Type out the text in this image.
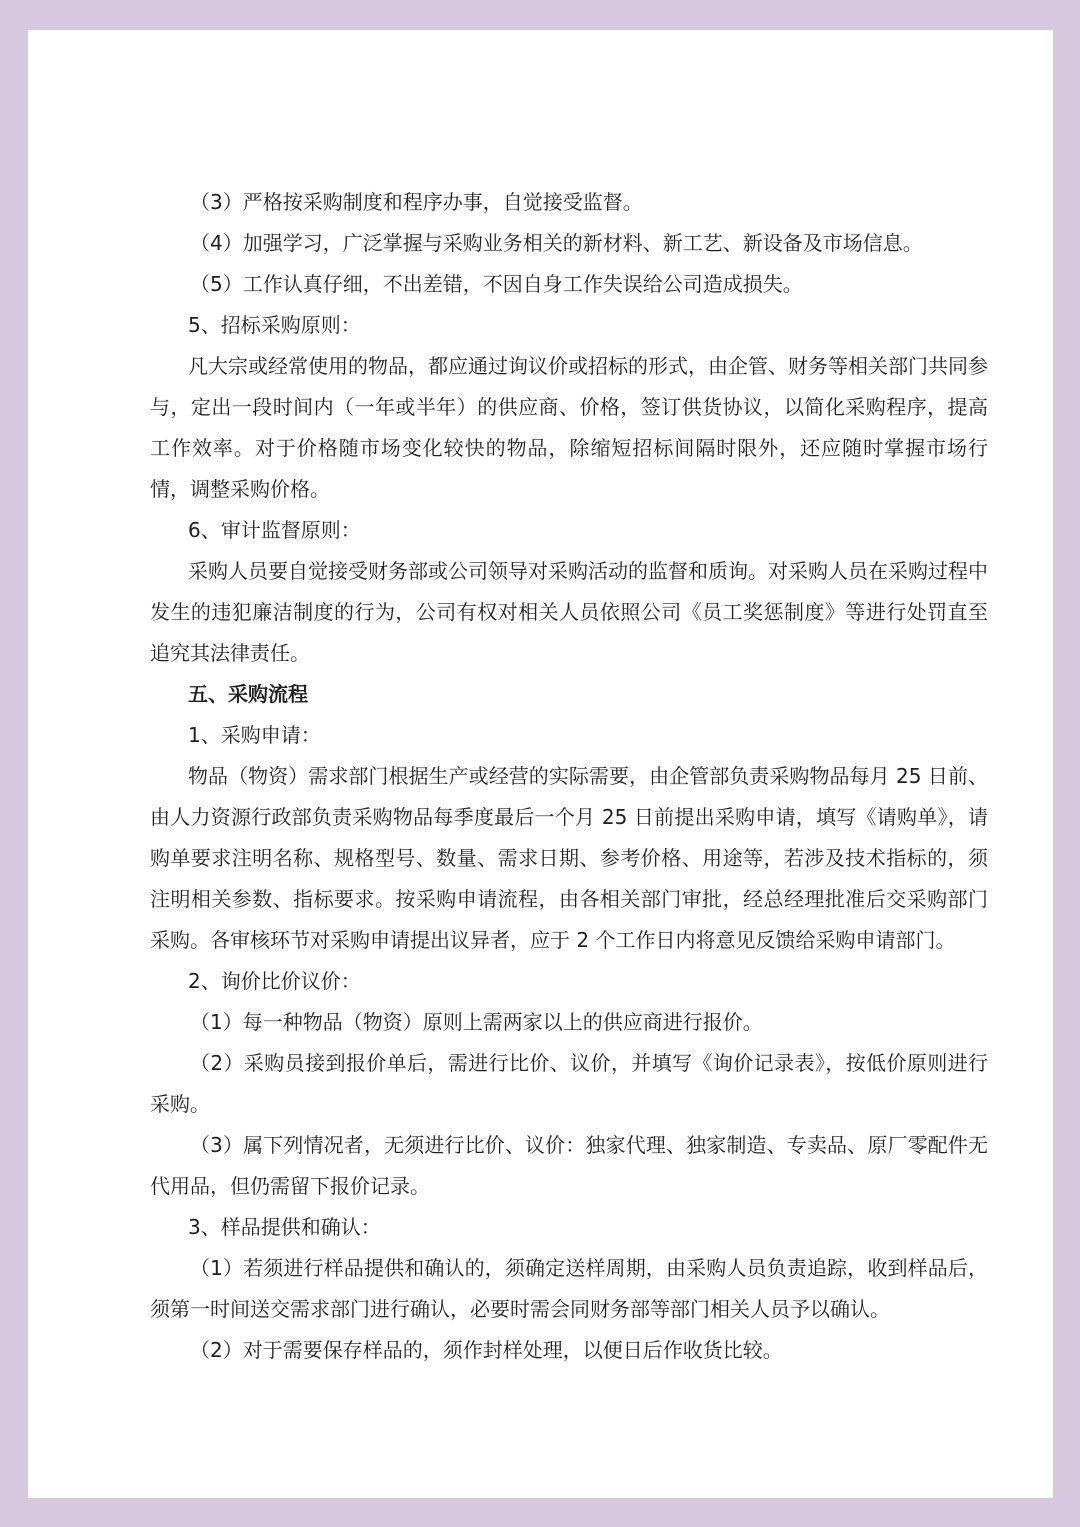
（3）严格按采购制度和程序办事，自觉接受监督。

（4）加强学习，广泛掌握与采购业务相关的新材料、新工艺、新设备及市场信息。

（5）工作认真仔细，不出差错，不因自身工作失误给公司造成损失。

5、招标采购原则：

凡大宗或经常使用的物品，都应通过询议价或招标的形式，由企管、财务等相关部门共同参与，定出一段时间内（一年或半年）的供应商、价格，签订供货协议，以简化采购程序，提高工作效率。对于价格随市场变化较快的物品，除缩短招标间隔时限外，还应随时掌握市场行情，调整采购价格。

6、审计监督原则：

采购人员要自觉接受财务部或公司领导对采购活动的监督和质询。对采购人员在采购过程中发生的违犯廉洁制度的行为，公司有权对相关人员依照公司《员工奖惩制度》等进行处罚直至追究其法律责任。

五、采购流程

1、采购申请：

物品（物资）需求部门根据生产或经营的实际需要，由企管部负责采购物品每月 25 日前、由人力资源行政部负责采购物品每季度最后一个月 25 日前提出采购申请，填写《请购单》，请购单要求注明名称、规格型号、数量、需求日期、参考价格、用途等，若涉及技术指标的，须注明相关参数、指标要求。按采购申请流程，由各相关部门审批，经总经理批准后交采购部门采购。各审核环节对采购申请提出议异者，应于 2 个工作日内将意见反馈给采购申请部门。

2、询价比价议价：

（1）每一种物品（物资）原则上需两家以上的供应商进行报价。

（2）采购员接到报价单后，需进行比价、议价，并填写《询价记录表》，按低价原则进行采购。

（3）属下列情况者，无须进行比价、议价：独家代理、独家制造、专卖品、原厂零配件无代用品，但仍需留下报价记录。

3、样品提供和确认：

（1）若须进行样品提供和确认的，须确定送样周期，由采购人员负责追踪，收到样品后，须第一时间送交需求部门进行确认，必要时需会同财务部等部门相关人员予以确认。

（2）对于需要保存样品的，须作封样处理，以便日后作收货比较。
